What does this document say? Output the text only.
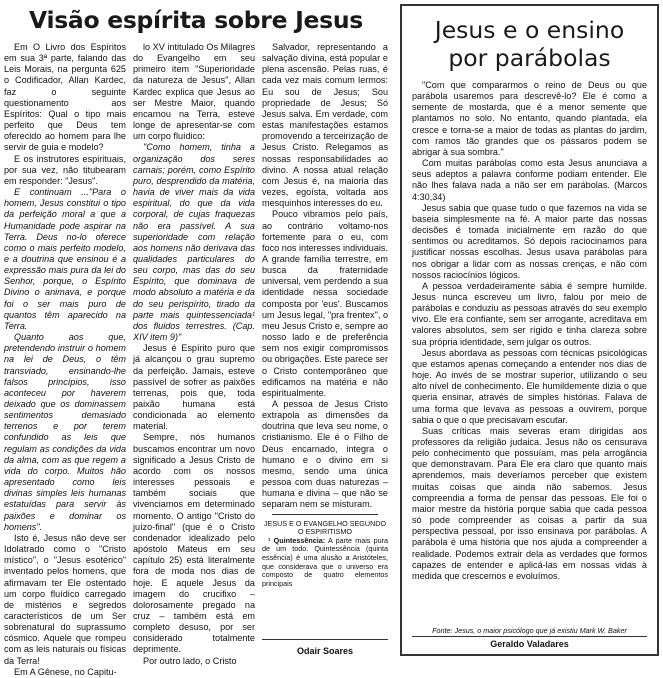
Visão espírita sobre Jesus

Em O Livro dos Espíritos em sua 3ª parte, falando das Leis Morais, na pergunta 625 o Codificador, Allan Kardec, faz o seguinte questionamento aos Espíritos: Qual o tipo mais perfeito que Deus tem oferecido ao homem para lhe servir de guia e modelo?

E os instrutores espirituais, por sua vez, não titubearam em responder: "Jesus".

E continuam ..."Para o homem, Jesus constitui o tipo da perfeição moral a que a Humanidade pode aspirar na Terra. Deus no-lo oferece como o mais perfeito modelo, e a doutrina que ensinou é a expressão mais pura da lei do Senhor, porque, o Espírito Divino o animava, e porque foi o ser mais puro de quantos têm aparecido na Terra.

Quanto aos que, pretendendo instruir o homem na lei de Deus, o têm transviado, ensinando-lhe falsos princípios, isso aconteceu por haverem deixado que os dominassem sentimentos demasiado terrenos e por terem confundido as leis que regulam as condições da vida da alma, com as que regem a vida do corpo. Muitos hão apresentado como leis divinas simples leis humanas estatuídas para servir às paixões e dominar os homens".

Isto é, Jesus não deve ser Idolatrado como o "Cristo místico", o "Jesus esotérico" inventado pelos homens, que afirmavam ter Ele ostentado um corpo fluídico carregado de mistérios e segredos característicos de um Ser sobrenatural do suprassumo cósmico. Aquele que rompeu com as leis naturais ou físicas da Terra!

Em A Gênese, no Capitu-

lo XV intitulado Os Milagres do Evangelho em seu primeiro item "Superioridade da natureza de Jesus", Allan Kardec explica que Jesus ao ser Mestre Maior, quando encarnou na Terra, esteve longe de apresentar-se com um corpo fluídico:

"Como homem, tinha a organização dos seres carnais; porém, como Espírito puro, desprendido da matéria, havia de viver mais da vida espiritual, do que da vida corporal, de cujas fraquezas não era passível. A sua superioridade com relação aos homens não derivava das qualidades particulares do seu corpo, mas das do seu Espírito, que dominava de modo absoluto a matéria e da do seu perispírito, tirado da parte mais quintessenciada¹ dos fluidos terrestres. (Cap. XIV item 9)"

Jesus é Espírito puro que já alcançou o grau supremo da perfeição. Jamais, esteve passível de sofrer as paixões terrenas, pois que, toda paixão humana está condicionada ao elemento material.

Sempre, nós humanos buscamos encontrar um novo significado a Jesus Cristo de acordo com os nossos interesses pessoais e também sociais que vivenciamos em determinado momento. O antigo "Cristo do juízo-final" (que é o Cristo condenador idealizado pelo apóstolo Mateus em seu capítulo 25) está literalmente fora de moda nos dias de hoje. E aquele Jesus da imagem do crucifixo – dolorosamente pregado na cruz – também está em completo desuso, por ser considerado totalmente deprimente.

Por outro lado, o Cristo

Salvador, representando a salvação divina, está popular e plena ascensão. Pelas ruas, é cada vez mais comum lermos: Eu sou de Jesus; Sou propriedade de Jesus; Só Jesus salva. Em verdade, com estas manifestações estamos promovendo a terceirização de Jesus Cristo. Relegamos as nossas responsabilidades ao divino. A nossa atual relação com Jesus é, na maioria das vezes, egoísta, voltada aos mesquinhos interesses do eu.

Pouco vibramos pelo país, ao contrário voltamo-nos fortemente para o eu, com foco nos interesses individuais. A grande família terrestre, em busca da fraternidade universal, vem perdendo a sua identidade nessa sociedade composta por 'eus'. Buscamos um Jesus legal, "pra frentex", o meu Jesus Cristo e, sempre ao nosso lado e de preferência sem nos exigir compromissos ou obrigações. Este parece ser o Cristo contemporâneo que edificamos na matéria e não espiritualmente.

A pessoa de Jesus Cristo extrapola as dimensões da doutrina que leva seu nome, o cristianismo. Ele é o Filho de Deus encarnado, integra o humano e o divino em si mesmo, sendo uma única pessoa com duas naturezas – humana e divina – que não se separam nem se misturam.

JESUS E O EVANGELHO SEGUNDO O ESPIRITISMO

¹ Quintessência: A parte mais pura de um todo. Quintessência (quinta essência) é uma alusão a Aristóteles, que considerava que o universo era composto de quatro elementos principais

Odair Soares
Jesus e o ensino
por parábolas

"Com que compararmos o reino de Deus ou que parábola usaremos para descrevê-lo? Ele é como a semente de mostarda, que é a menor semente que plantamos no solo. No entanto, quando plantada, ela cresce e torna-se a maior de todas as plantas do jardim, com ramos tão grandes que os pássaros podem se abrigar à sua sombra."

Com muitas parábolas como esta Jesus anunciava a seus adeptos a palavra conforme podiam entender. Ele não lhes falava nada a não ser em parábolas. (Marcos 4:30,34)

Jesus sabia que quase tudo o que fazemos na vida se baseia simplesmente na fé. A maior parte das nossas decisões é tomada inicialmente em razão do que sentimos ou acreditamos. Só depois raciocinamos para justificar nossas escolhas. Jesus usava parábolas para nos obrigar a lidar com as nossas crenças, e não com nossos raciocínios lógicos.

A pessoa verdadeiramente sábia é sempre humilde. Jesus nunca escreveu um livro, falou por meio de parábolas e conduziu as pessoas através do seu exemplo vivo. Ele era confiante, sem ser arrogante, acreditava em valores absolutos, sem ser rígido e tinha clareza sobre sua própria identidade, sem julgar os outros.

Jesus abordava as pessoas com técnicas psicológicas que estamos apenas começando a entender nos dias de hoje. Ao invés de se mostrar superior, utilizando o seu alto nível de conhecimento. Ele humildemente dizia o que queria ensinar, através de simples histórias. Falava de uma forma que levava as pessoas a ouvirem, porque sabia o que o que precisavam escutar.

Suas críticas mais severas eram dirigidas aos professores da religião judaica. Jesus não os censurava pelo conhecimento que possuíam, mas pela arrogância que demonstravam. Para Ele era claro que quanto mais aprendemos, mais deveríamos perceber que existem muitas coisas que ainda não sabemos. Jesus compreendia a forma de pensar das pessoas. Ele foi o maior mestre da história porque sabia que cada pessoa só pode compreender as coisas a partir da sua perspectiva pessoal, por isso ensinava por parábolas. A parábola é uma história que nos ajuda a compreender a realidade. Podemos extrair dela as verdades que formos capazes de entender e aplicá-las em nossas vidas à medida que crescemos e evoluímos.

Fonte: Jesus, o maior psicólogo que já existiu Mark W. Baker
Geraldo Valadares
